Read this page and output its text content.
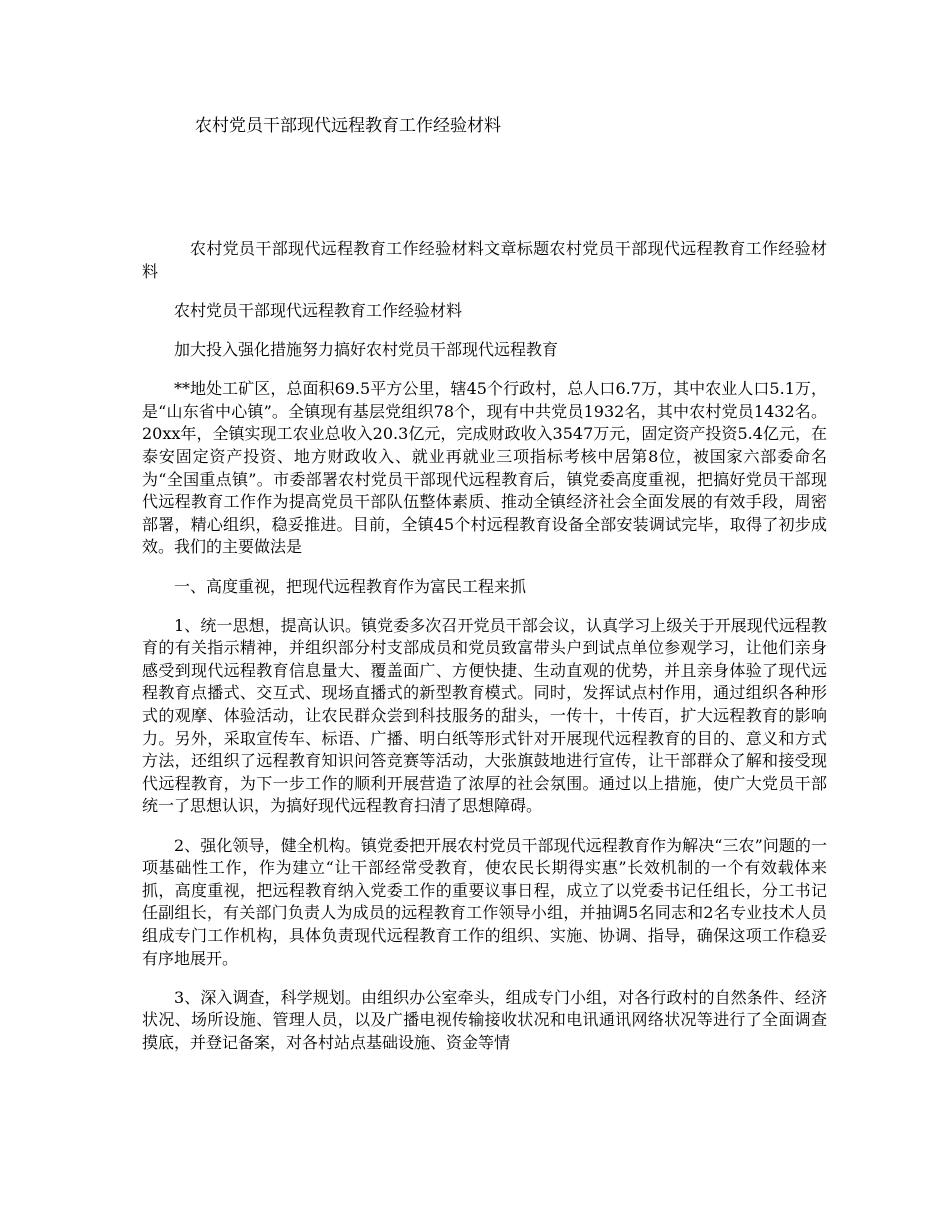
农村党员干部现代远程教育工作经验材料

农村党员干部现代远程教育工作经验材料文章标题农村党员干部现代远程教育工作经验材料

农村党员干部现代远程教育工作经验材料

加大投入强化措施努力搞好农村党员干部现代远程教育

**地处工矿区，总面积69.5平方公里，辖45个行政村，总人口6.7万，其中农业人口5.1万，是“山东省中心镇”。全镇现有基层党组织78个，现有中共党员1932名，其中农村党员1432名。20xx年，全镇实现工农业总收入20.3亿元，完成财政收入3547万元，固定资产投资5.4亿元，在泰安固定资产投资、地方财政收入、就业再就业三项指标考核中居第8位，被国家六部委命名为“全国重点镇”。市委部署农村党员干部现代远程教育后，镇党委高度重视，把搞好党员干部现代远程教育工作作为提高党员干部队伍整体素质、推动全镇经济社会全面发展的有效手段，周密部署，精心组织，稳妥推进。目前，全镇45个村远程教育设备全部安装调试完毕，取得了初步成效。我们的主要做法是

一、高度重视，把现代远程教育作为富民工程来抓

1、统一思想，提高认识。镇党委多次召开党员干部会议，认真学习上级关于开展现代远程教育的有关指示精神，并组织部分村支部成员和党员致富带头户到试点单位参观学习，让他们亲身感受到现代远程教育信息量大、覆盖面广、方便快捷、生动直观的优势，并且亲身体验了现代远程教育点播式、交互式、现场直播式的新型教育模式。同时，发挥试点村作用，通过组织各种形式的观摩、体验活动，让农民群众尝到科技服务的甜头，一传十，十传百，扩大远程教育的影响力。另外，采取宣传车、标语、广播、明白纸等形式针对开展现代远程教育的目的、意义和方式方法，还组织了远程教育知识问答竞赛等活动，大张旗鼓地进行宣传，让干部群众了解和接受现代远程教育，为下一步工作的顺利开展营造了浓厚的社会氛围。通过以上措施，使广大党员干部统一了思想认识，为搞好现代远程教育扫清了思想障碍。

2、强化领导，健全机构。镇党委把开展农村党员干部现代远程教育作为解决“三农”问题的一项基础性工作，作为建立“让干部经常受教育，使农民长期得实惠”长效机制的一个有效载体来抓，高度重视，把远程教育纳入党委工作的重要议事日程，成立了以党委书记任组长，分工书记任副组长，有关部门负责人为成员的远程教育工作领导小组，并抽调5名同志和2名专业技术人员组成专门工作机构，具体负责现代远程教育工作的组织、实施、协调、指导，确保这项工作稳妥有序地展开。

3、深入调查，科学规划。由组织办公室牵头，组成专门小组，对各行政村的自然条件、经济状况、场所设施、管理人员，以及广播电视传输接收状况和电讯通讯网络状况等进行了全面调查摸底，并登记备案，对各村站点基础设施、资金等情
